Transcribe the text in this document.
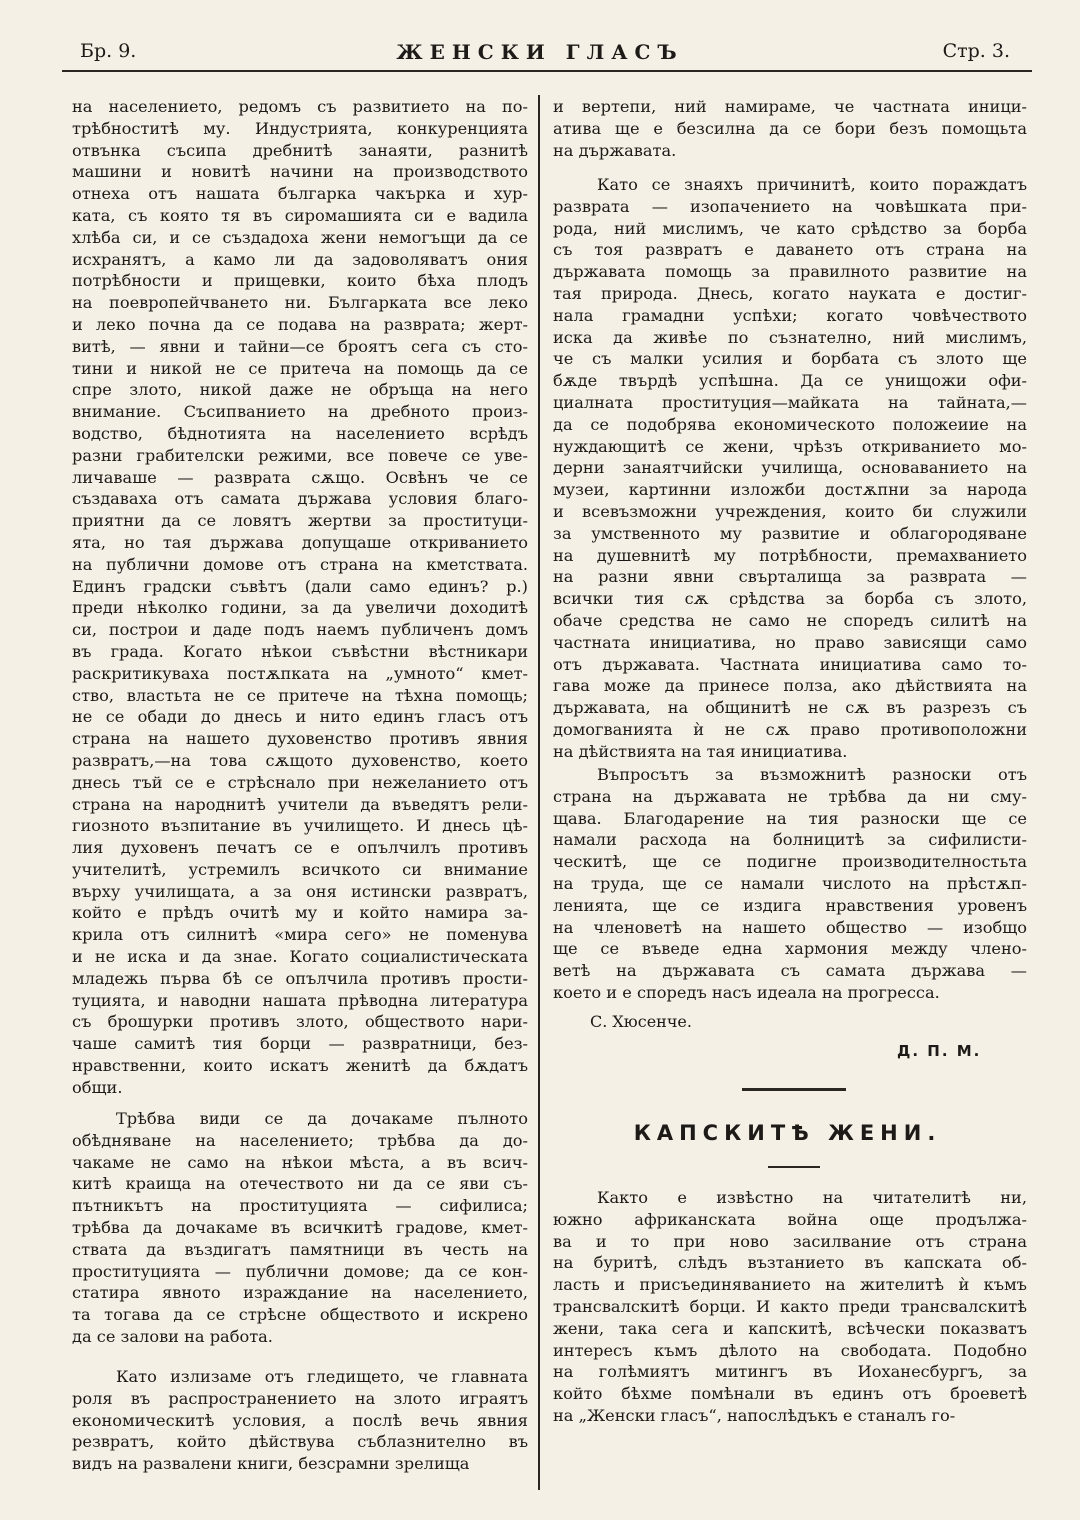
Бр. 9.	ЖЕНСКИ ГЛАСЪ	Стр. 3.
на населението, редомъ съ развитието на по-
трѣбноститѣ му. Индустрията, конкуренцията
отвънка съсипа дребнитѣ занаяти, разнитѣ
машини и новитѣ начини на производството
отнеха отъ нашата българка чакърка и хур-
ката, съ която тя въ сиромашията си е вадила
хлѣба си, и се създадоха жени немогъщи да се
исхранятъ, а камо ли да задоволяватъ ония
потрѣбности и прищевки, които бѣха плодъ
на поевропейчването ни. Българката все леко
и леко почна да се подава на разврата; жерт-
витѣ, — явни и тайни—се броятъ сега съ сто-
тини и никой не се притеча на помощь да се
спре злото, никой даже не обръща на него
внимание. Съсипванието на дребното произ-
водство, бѣднотията на населението всрѣдъ
разни грабителски режими, все повече се уве-
личаваше — разврата сѫщо. Освѣнъ че се
създаваха отъ самата държава условия благо-
приятни да се ловятъ жертви за проституци-
ята, но тая държава допущаше откриванието
на публични домове отъ страна на кметствата.
Единъ градски съвѣтъ (дали само единъ? р.)
преди нѣколко години, за да увеличи доходитѣ
си, построи и даде подъ наемъ публиченъ домъ
въ града. Когато нѣкои съвѣстни вѣстникари
раскритикуваха постѫпката на „умното“ кмет-
ство, властьта не се притече на тѣхна помощь;
не се обади до днесь и нито единъ гласъ отъ
страна на нашето духовенство противъ явния
развратъ,—на това сѫщото духовенство, което
днесь тъй се е стрѣснало при нежеланието отъ
страна на народнитѣ учители да въведятъ рели-
гиозното възпитание въ училището. И днесь цѣ-
лия духовенъ печатъ се е опълчилъ противъ
учителитѣ, устремилъ всичкото си внимание
върху училищата, а за оня истински развратъ,
който е прѣдъ очитѣ му и който намира за-
крила отъ силнитѣ «мира сего» не поменува
и не иска и да знае. Когато социалистическата
младежь първа бѣ се опълчила противъ прости-
туцията, и наводни нашата прѣводна литература
съ брошурки противъ злото, обществото нари-
чаше самитѣ тия борци — развратници, без-
нравственни, които искатъ женитѣ да бѫдатъ
общи.
Трѣбва види се да дочакаме пълното
обѣдняване на населението; трѣбва да до-
чакаме не само на нѣкои мѣста, а въ всич-
китѣ краища на отечеството ни да се яви съ-
пътникътъ на проституцията — сифилиса;
трѣбва да дочакаме въ всичкитѣ градове, кмет-
ствата да въздигатъ памятници въ честь на
проституцията — публични домове; да се кон-
статира явното израждание на населението,
та тогава да се стрѣсне обществото и искрено
да се залови на работа.
Като излизаме отъ гледището, че главната
роля въ распространението на злото играятъ
економическитѣ условия, а послѣ вечь явния
резвратъ, който дѣйствува съблазнително въ
видъ на развалени книги, безсрамни зрелища
и вертепи, ний намираме, че частната иници-
атива ще е безсилна да се бори безъ помощьта
на държавата.
Като се знаяхъ причинитѣ, които пораждатъ
разврата — изопачението на човѣшката при-
рода, ний мислимъ, че като срѣдство за борба
съ тоя развратъ е даването отъ страна на
държавата помощь за правилното развитие на
тая природа. Днесь, когато науката е достиг-
нала грамадни успѣхи; когато човѣчеството
иска да живѣе по съзнателно, ний мислимъ,
че съ малки усилия и борбата съ злото ще
бѫде твърдѣ успѣшна. Да се унищожи офи-
циалната проституция—майката на тайната,—
да се подобрява економическото положеиие на
нуждающитѣ се жени, чрѣзъ откриванието мо-
дерни занаятчийски училища, основаванието на
музеи, картинни изложби достѫпни за народа
и всевъзможни учреждения, които би служили
за умственното му развитие и облагородяване
на душевнитѣ му потрѣбности, премахванието
на разни явни свърталища за разврата —
всички тия сѫ срѣдства за борба съ злото,
обаче средства не само не споредъ силитѣ на
частната инициатива, но право зависящи само
отъ държавата. Частната инициатива само то-
гава може да принесе полза, ако дѣйствията на
държавата, на общинитѣ не сѫ въ разрезъ съ
домогванията ѝ не сѫ право противоположни
на дѣйствията на тая инициатива.
Въпросътъ за възможнитѣ разноски отъ
страна на държавата не трѣбва да ни сму-
щава. Благодарение на тия разноски ще се
намали расхода на болницитѣ за сифилисти-
ческитѣ, ще се подигне производителностьта
на труда, ще се намали числото на прѣстѫп-
ленията, ще се издига нравствения уровенъ
на членоветѣ на нашето общество — изобщо
ще се въведе една хармония между члено-
ветѣ на държавата съ самата държава —
което и е споредъ насъ идеала на прогресса.
С. Хюсенче.
Д. П. М.
КАПСКИТѢ ЖЕНИ.
Както е извѣстно на читателитѣ ни,
южно африканската война още продължа-
ва и то при ново засилвание отъ страна
на буритѣ, слѣдъ възтанието въ капската об-
ласть и присъединяванието на жителитѣ ѝ къмъ
трансвалскитѣ борци. И както преди трансвалскитѣ
жени, така сега и капскитѣ, всѣчески показватъ
интересъ къмъ дѣлото на свободата. Подобно
на голѣмиятъ митингъ въ Иоханесбургъ, за
който бѣхме помѣнали въ единъ отъ броеветѣ
на „Женски гласъ“, напослѣдъкъ е станалъ го-
